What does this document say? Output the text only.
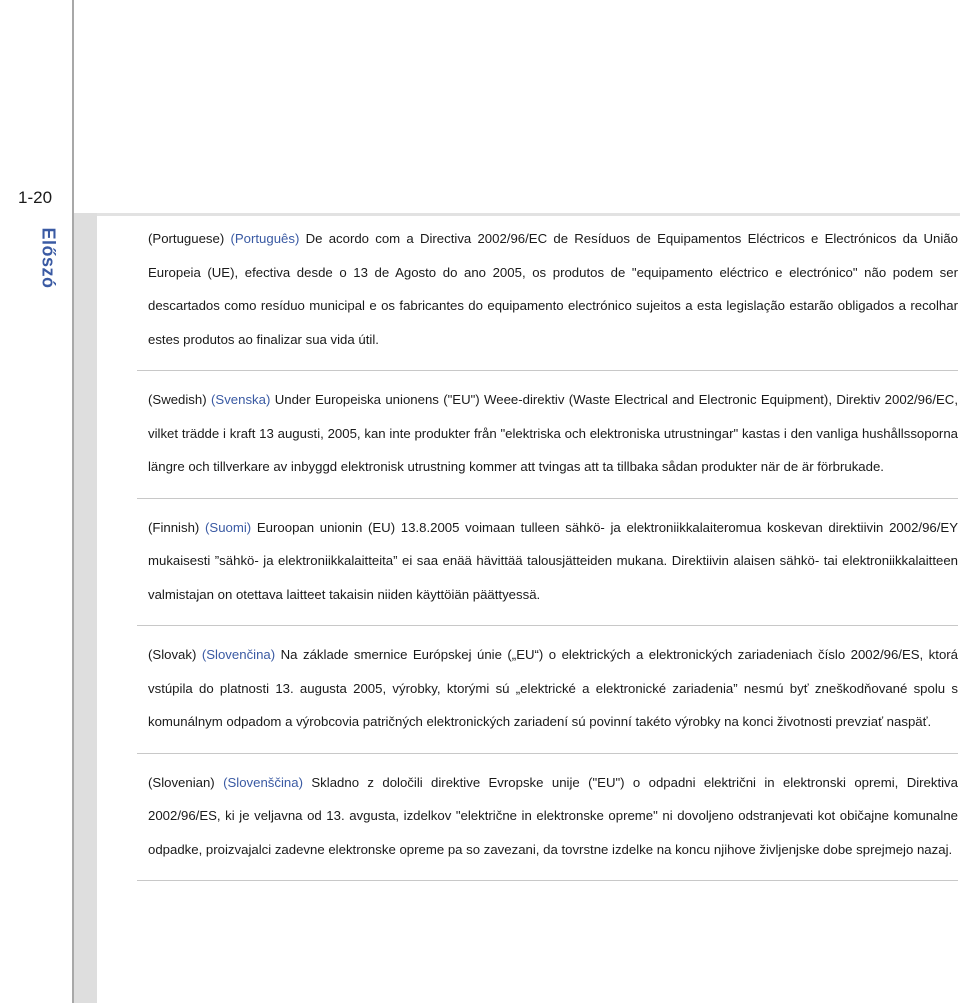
1-20
Előszó	(Portuguese) (Português) De acordo com a Directiva 2002/96/EC de Resíduos de Equipamentos Eléctricos e Electrónicos da União Europeia (UE), efectiva desde o 13 de Agosto do ano 2005, os produtos de "equipamento eléctrico e electrónico" não podem ser descartados como resíduo municipal e os fabricantes do equipamento electrónico sujeitos a esta legislação estarão obligados a recolhar estes produtos ao finalizar sua vida útil.
(Swedish) (Svenska) Under Europeiska unionens ("EU") Weee-direktiv (Waste Electrical and Electronic Equipment), Direktiv 2002/96/EC, vilket trädde i kraft 13 augusti, 2005, kan inte produkter från "elektriska och elektroniska utrustningar" kastas i den vanliga hushållssoporna längre och tillverkare av inbyggd elektronisk utrustning kommer att tvingas att ta tillbaka sådan produkter när de är förbrukade.
(Finnish) (Suomi) Euroopan unionin (EU) 13.8.2005 voimaan tulleen sähkö- ja elektroniikkalaiteromua koskevan direktiivin 2002/96/EY mukaisesti ”sähkö- ja elektroniikkalaitteita” ei saa enää hävittää talousjätteiden mukana. Direktiivin alaisen sähkö- tai elektroniikkalaitteen valmistajan on otettava laitteet takaisin niiden käyttöiän päättyessä.
(Slovak) (Slovenčina) Na základe smernice Európskej únie („EU“) o elektrických a elektronických zariadeniach číslo 2002/96/ES, ktorá vstúpila do platnosti 13. augusta 2005, výrobky, ktorými sú „elektrické a elektronické zariadenia” nesmú byť zneškodňované spolu s komunálnym odpadom a výrobcovia patričných elektronických zariadení sú povinní takéto výrobky na konci životnosti prevziať naspäť.
(Slovenian) (Slovenščina) Skladno z določili direktive Evropske unije ("EU") o odpadni električni in elektronski opremi, Direktiva 2002/96/ES, ki je veljavna od 13. avgusta, izdelkov "električne in elektronske opreme" ni dovoljeno odstranjevati kot običajne komunalne odpadke, proizvajalci zadevne elektronske opreme pa so zavezani, da tovrstne izdelke na koncu njihove življenjske dobe sprejmejo nazaj.
